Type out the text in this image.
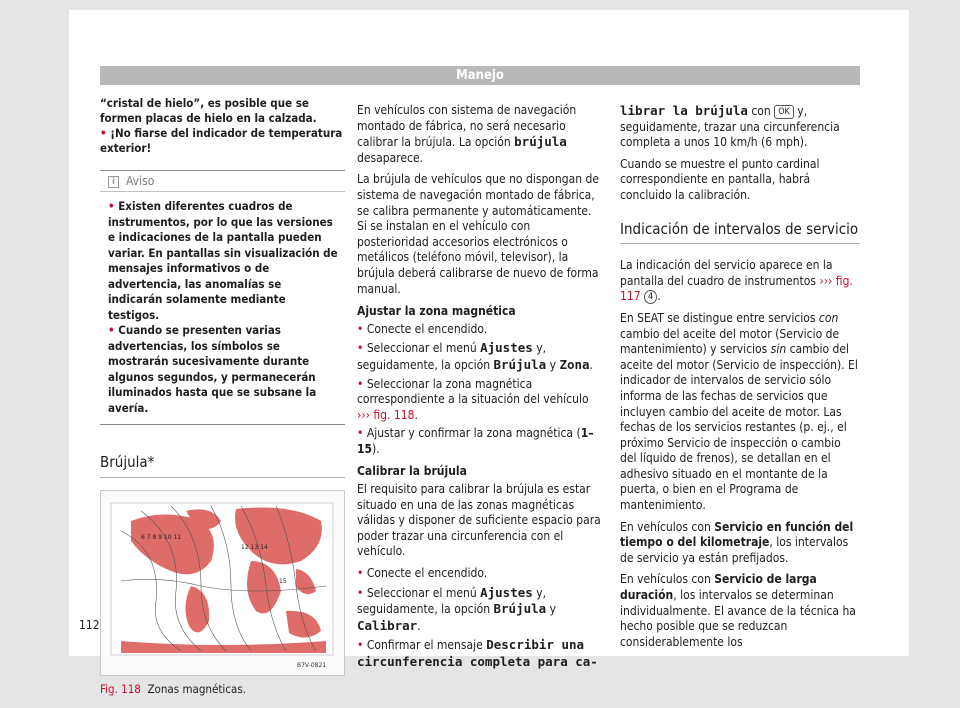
Manejo

“cristal de hielo”, es posible que se formen placas de hielo en la calzada.

• ¡No fiarse del indicador de temperatura exterior!

i Aviso

• Existen diferentes cuadros de instrumentos, por lo que las versiones e indicaciones de la pantalla pueden variar. En pantallas sin visualización de mensajes informativos o de advertencia, las anomalías se indicarán solamente mediante testigos.

• Cuando se presenten varias advertencias, los símbolos se mostrarán sucesivamente durante algunos segundos, y permanecerán iluminados hasta que se subsane la avería.

Brújula*
6 7 8 9 10 11
12 13 14
15
B7V-0821
Fig. 118 Zonas magnéticas.

En vehículos con sistema de navegación montado de fábrica, no será necesario calibrar la brújula. La opción brújula desaparece.

La brújula de vehículos que no dispongan de sistema de navegación montado de fábrica, se calibra permanente y automáticamente. Si se instalan en el vehículo con posterioridad accesorios electrónicos o metálicos (teléfono móvil, televisor), la brújula deberá calibrarse de nuevo de forma manual.

Ajustar la zona magnética

• Conecte el encendido.

• Seleccionar el menú Ajustes y, seguidamente, la opción Brújula y Zona.

• Seleccionar la zona magnética correspondiente a la situación del vehículo ››› fig. 118.

• Ajustar y confirmar la zona magnética (1–15).

Calibrar la brújula

El requisito para calibrar la brújula es estar situado en una de las zonas magnéticas válidas y disponer de suficiente espacio para poder trazar una circunferencia con el vehículo.

• Conecte el encendido.

• Seleccionar el menú Ajustes y, seguidamente, la opción Brújula y Calibrar.

• Confirmar el mensaje Describir una circunferencia completa para ca-

librar la brújula con OK y, seguidamente, trazar una circunferencia completa a unos 10 km/h (6 mph).

Cuando se muestre el punto cardinal correspondiente en pantalla, habrá concluido la calibración.

Indicación de intervalos de servicio

La indicación del servicio aparece en la pantalla del cuadro de instrumentos ››› fig. 117 4 .

En SEAT se distingue entre servicios con cambio del aceite del motor (Servicio de mantenimiento) y servicios sin cambio del aceite del motor (Servicio de inspección). El indicador de intervalos de servicio sólo informa de las fechas de servicios que incluyen cambio del aceite de motor. Las fechas de los servicios restantes (p. ej., el próximo Servicio de inspección o cambio del líquido de frenos), se detallan en el adhesivo situado en el montante de la puerta, o bien en el Programa de mantenimiento.

En vehículos con Servicio en función del tiempo o del kilometraje, los intervalos de servicio ya están prefijados.

En vehículos con Servicio de larga duración, los intervalos se determinan individualmente. El avance de la técnica ha hecho posible que se reduzcan considerablemente los

112
